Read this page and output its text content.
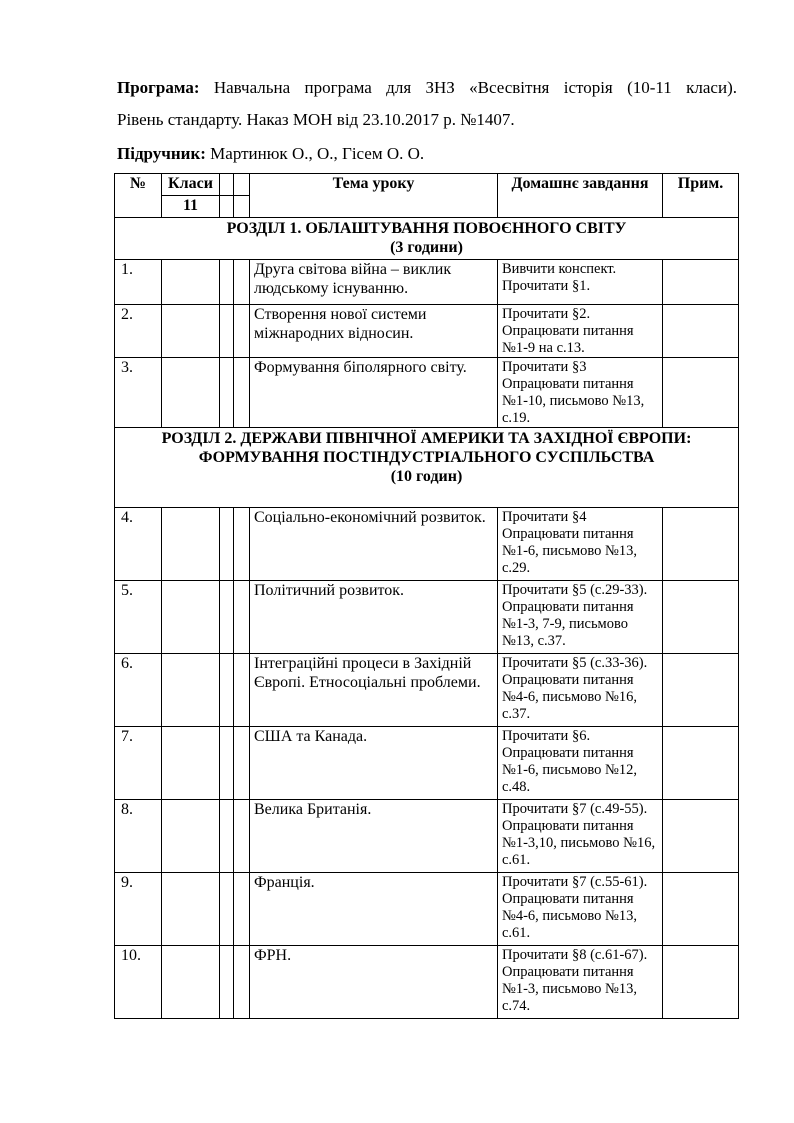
Програма: Навчальна програма для ЗНЗ «Всесвітня історія (10-11 класи).
Рівень стандарту. Наказ МОН від 23.10.2017 р. №1407.
Підручник: Мартинюк О., О., Гісем О. О.
№	Класи			Тема уроку	Домашнє завдання	Прим.
	11					

РОЗДІЛ 1. ОБЛАШТУВАННЯ ПОВОЄННОГО СВІТУ
(3 години)						

1.				Друга світова війна – виклик людському існуванню.	Вивчити конспект. Прочитати §1.	
2.				Створення нової системи міжнародних відносин.	Прочитати §2. Опрацювати питання №1-9 на с.13.	
3.				Формування біполярного світу.	Прочитати §3 Опрацювати питання №1-10, письмово №13, с.19.	

РОЗДІЛ 2. ДЕРЖАВИ ПІВНІЧНОЇ АМЕРИКИ ТА ЗАХІДНОЇ ЄВРОПИ: ФОРМУВАННЯ ПОСТІНДУСТРІАЛЬНОГО СУСПІЛЬСТВА
(10 годин)						

4.				Соціально-економічний розвиток.	Прочитати §4 Опрацювати питання №1-6, письмово №13, с.29.	
5.				Політичний розвиток.	Прочитати §5 (с.29-33). Опрацювати питання №1-3, 7-9, письмово №13, с.37.	
6.				Інтеграційні процеси в Західній Європі. Етносоціальні проблеми.	Прочитати §5 (с.33-36). Опрацювати питання №4-6, письмово №16, с.37.	
7.				США та Канада.	Прочитати §6. Опрацювати питання №1-6, письмово №12, с.48.	
8.				Велика Британія.	Прочитати §7 (с.49-55). Опрацювати питання №1-3,10, письмово №16, с.61.	
9.				Франція.	Прочитати §7 (с.55-61). Опрацювати питання №4-6, письмово №13, с.61.	
10.				ФРН.	Прочитати §8 (с.61-67). Опрацювати питання №1-3, письмово №13, с.74.	
